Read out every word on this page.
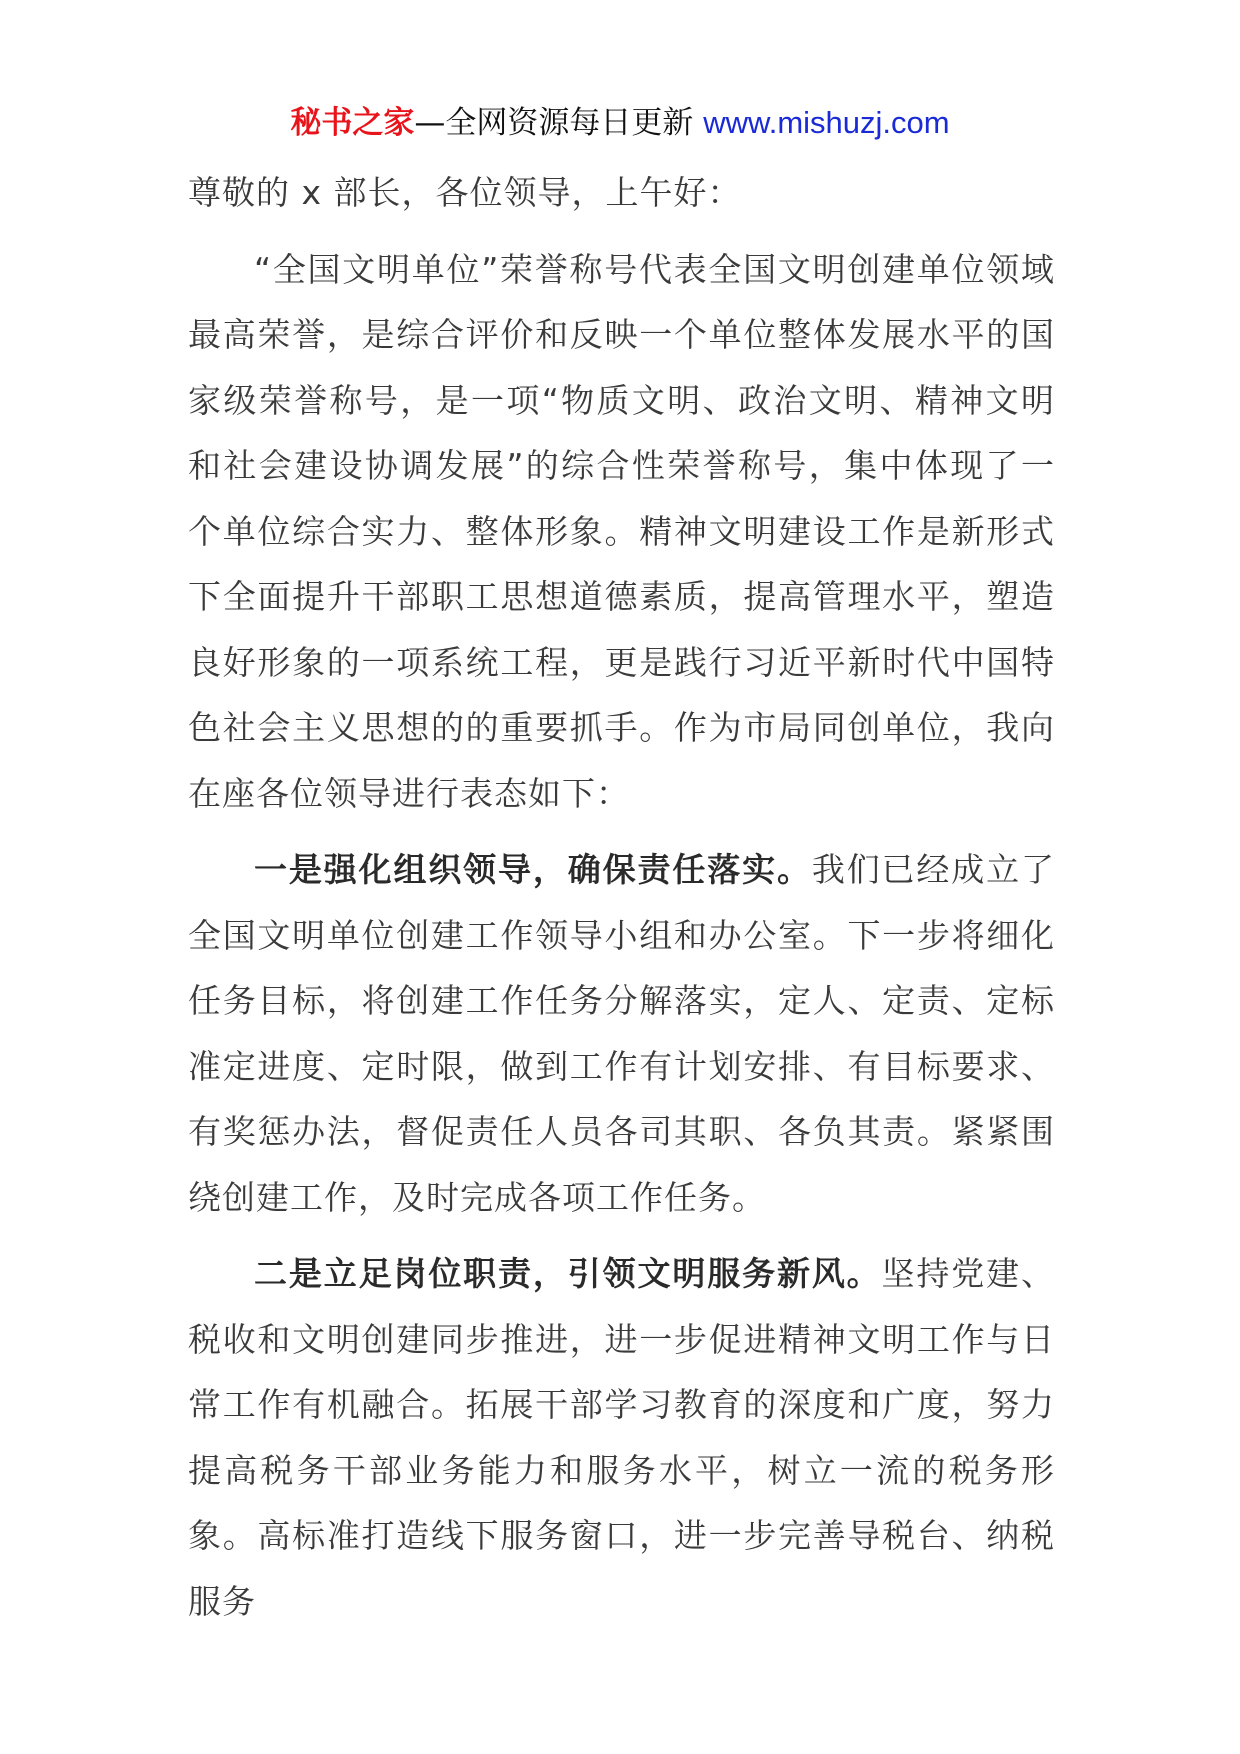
秘书之家—全网资源每日更新 www.mishuzj.com

尊敬的 x 部长，各位领导，上午好：

“全国文明单位”荣誉称号代表全国文明创建单位领域最高荣誉，是综合评价和反映一个单位整体发展水平的国家级荣誉称号，是一项“物质文明、政治文明、精神文明和社会建设协调发展”的综合性荣誉称号，集中体现了一个单位综合实力、整体形象。精神文明建设工作是新形式下全面提升干部职工思想道德素质，提高管理水平，塑造良好形象的一项系统工程，更是践行习近平新时代中国特色社会主义思想的的重要抓手。作为市局同创单位，我向在座各位领导进行表态如下：

一是强化组织领导，确保责任落实。我们已经成立了全国文明单位创建工作领导小组和办公室。下一步将细化任务目标，将创建工作任务分解落实，定人、定责、定标准定进度、定时限，做到工作有计划安排、有目标要求、有奖惩办法，督促责任人员各司其职、各负其责。紧紧围绕创建工作，及时完成各项工作任务。

二是立足岗位职责，引领文明服务新风。坚持党建、税收和文明创建同步推进，进一步促进精神文明工作与日常工作有机融合。拓展干部学习教育的深度和广度，努力提高税务干部业务能力和服务水平，树立一流的税务形象。高标准打造线下服务窗口，进一步完善导税台、纳税服务
